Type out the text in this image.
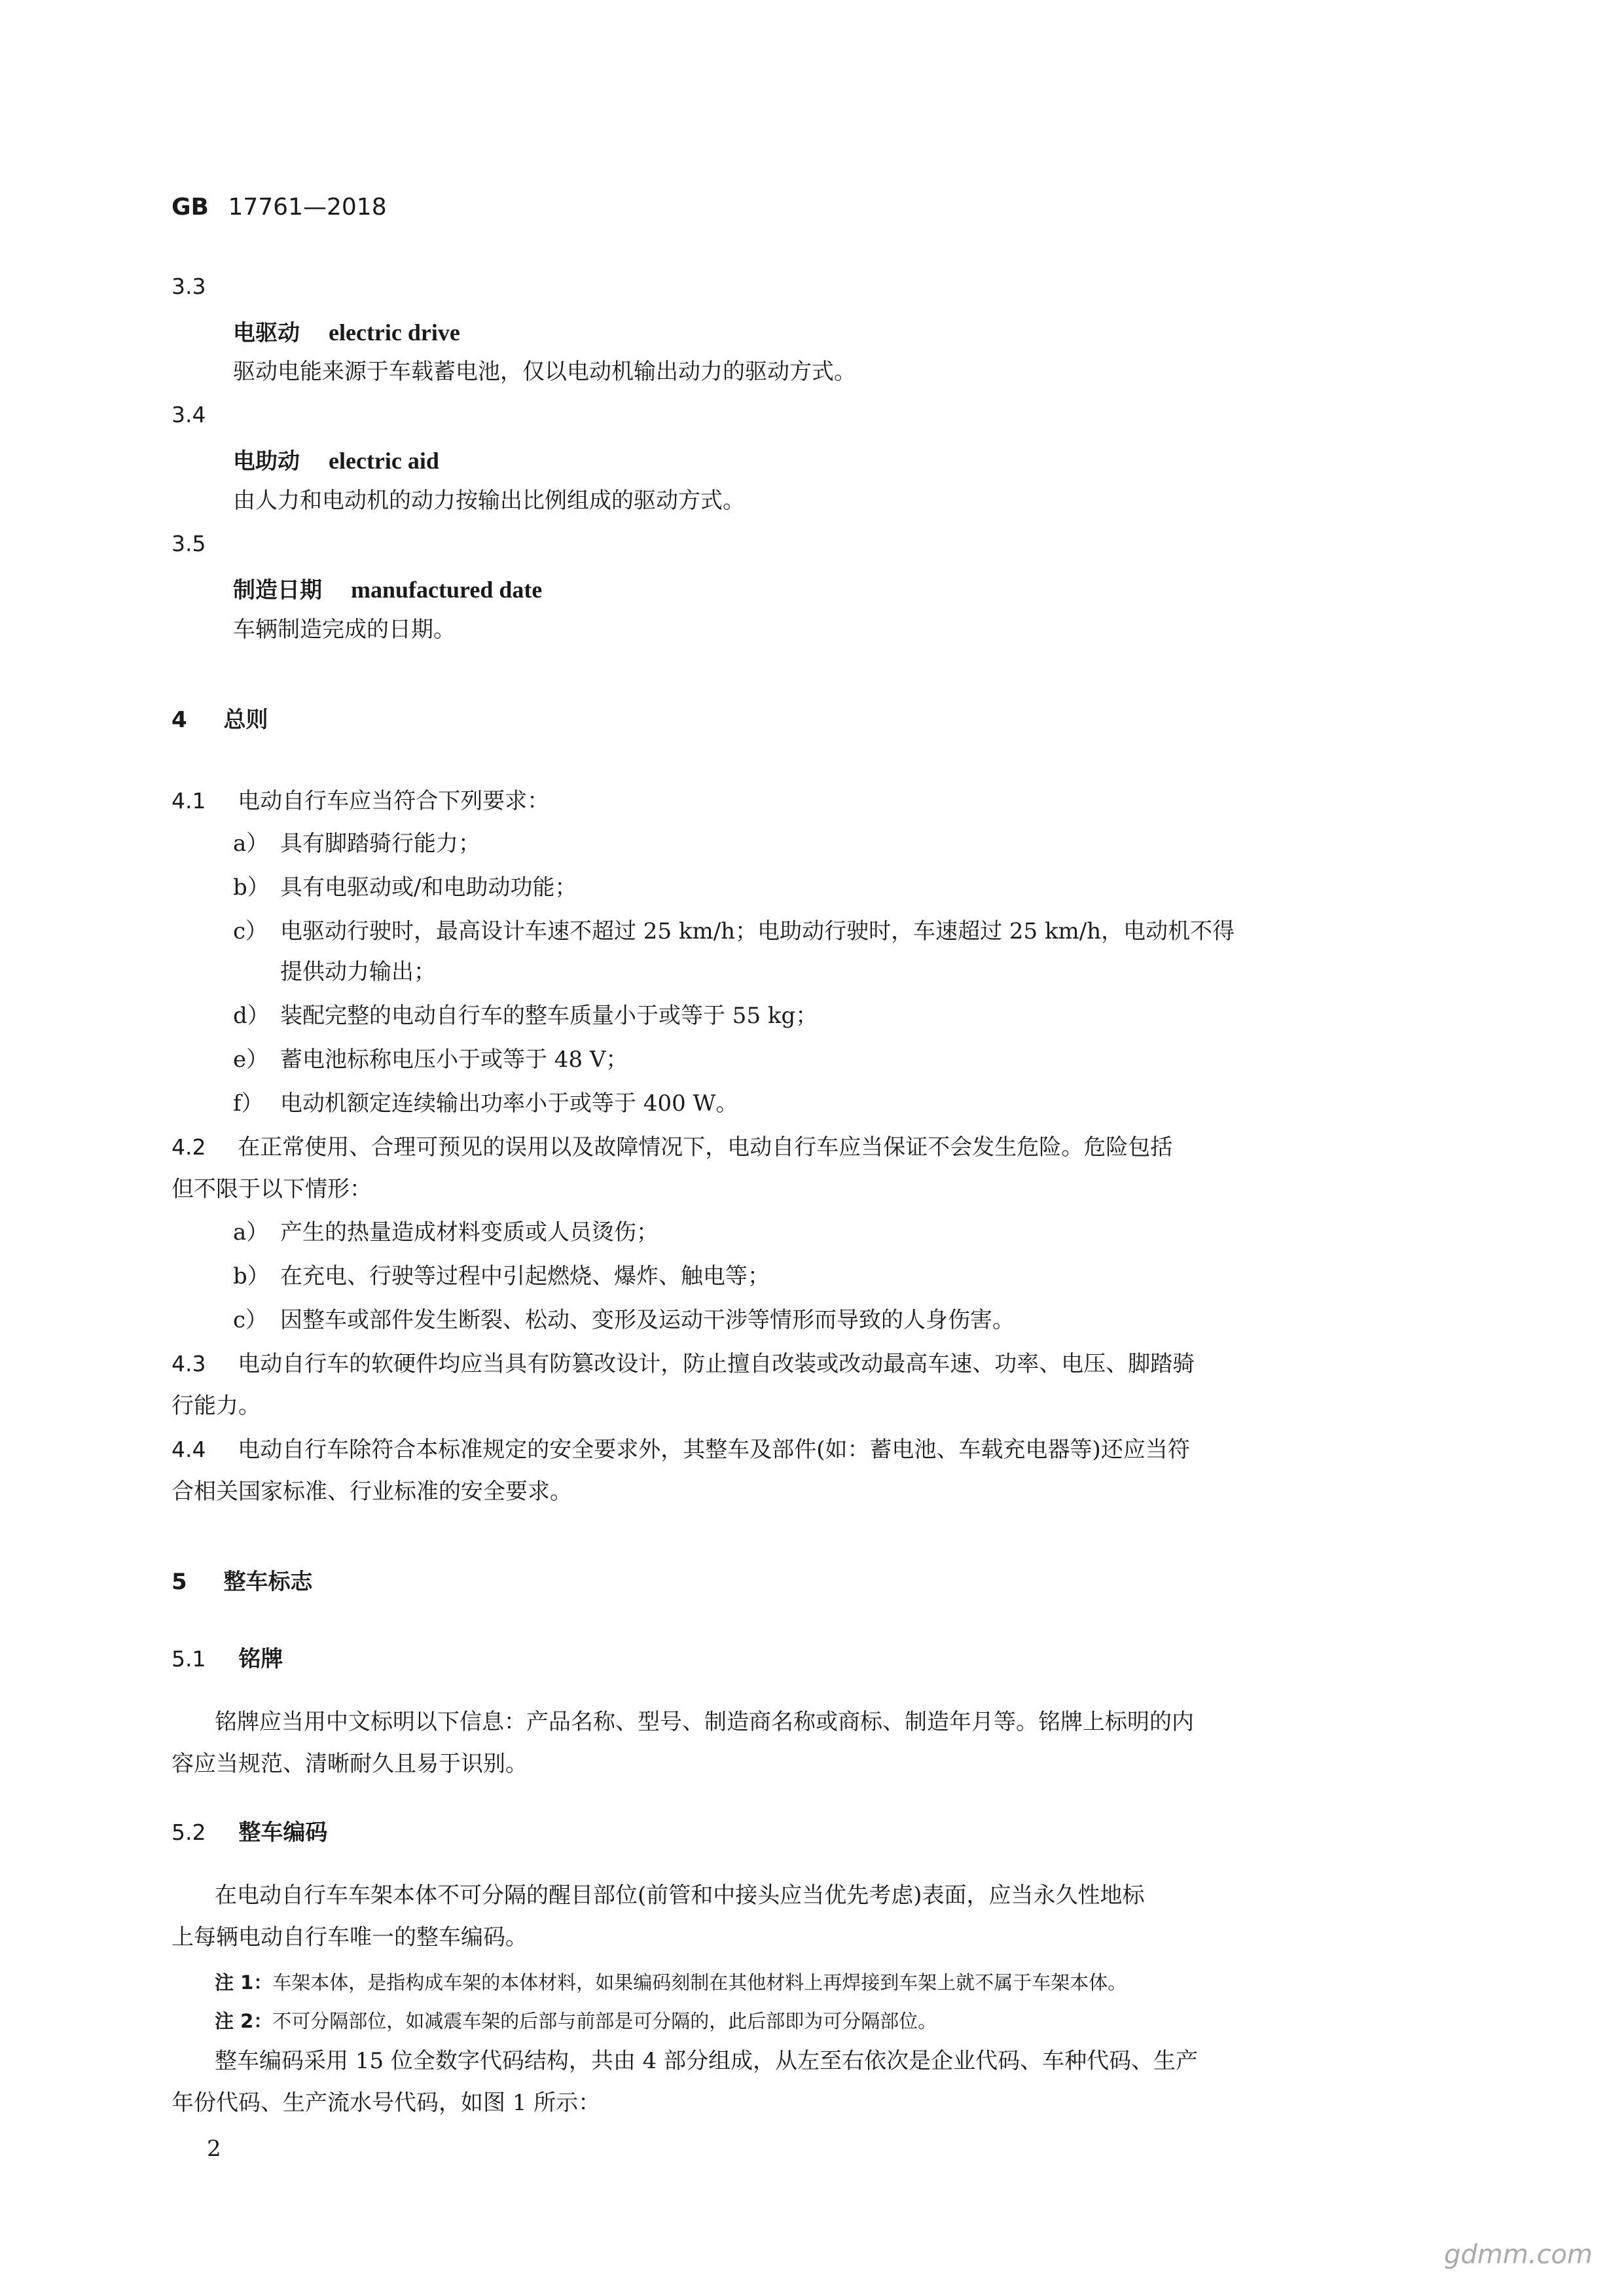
GB 17761—2018
3.3
电驱动 electric drive
驱动电能来源于车载蓄电池，仅以电动机输出动力的驱动方式。
3.4
电助动 electric aid
由人力和电动机的动力按输出比例组成的驱动方式。
3.5
制造日期 manufactured date
车辆制造完成的日期。
4 总则
4.1 电动自行车应当符合下列要求：
a） 具有脚踏骑行能力；
b） 具有电驱动或/和电助动功能；
c） 电驱动行驶时，最高设计车速不超过 25 km/h；电助动行驶时，车速超过 25 km/h，电动机不得
提供动力输出；
d） 装配完整的电动自行车的整车质量小于或等于 55 kg；
e） 蓄电池标称电压小于或等于 48 V；
f） 电动机额定连续输出功率小于或等于 400 W。
4.2 在正常使用、合理可预见的误用以及故障情况下，电动自行车应当保证不会发生危险。危险包括
但不限于以下情形：
a） 产生的热量造成材料变质或人员烫伤；
b） 在充电、行驶等过程中引起燃烧、爆炸、触电等；
c） 因整车或部件发生断裂、松动、变形及运动干涉等情形而导致的人身伤害。
4.3 电动自行车的软硬件均应当具有防篡改设计，防止擅自改装或改动最高车速、功率、电压、脚踏骑
行能力。
4.4 电动自行车除符合本标准规定的安全要求外，其整车及部件(如：蓄电池、车载充电器等)还应当符
合相关国家标准、行业标准的安全要求。
5 整车标志
5.1 铭牌
铭牌应当用中文标明以下信息：产品名称、型号、制造商名称或商标、制造年月等。铭牌上标明的内
容应当规范、清晰耐久且易于识别。
5.2 整车编码
在电动自行车车架本体不可分隔的醒目部位(前管和中接头应当优先考虑)表面，应当永久性地标
上每辆电动自行车唯一的整车编码。
注 1：车架本体，是指构成车架的本体材料，如果编码刻制在其他材料上再焊接到车架上就不属于车架本体。
注 2：不可分隔部位，如减震车架的后部与前部是可分隔的，此后部即为可分隔部位。
整车编码采用 15 位全数字代码结构，共由 4 部分组成，从左至右依次是企业代码、车种代码、生产
年份代码、生产流水号代码，如图 1 所示：
2
gdmm.com
